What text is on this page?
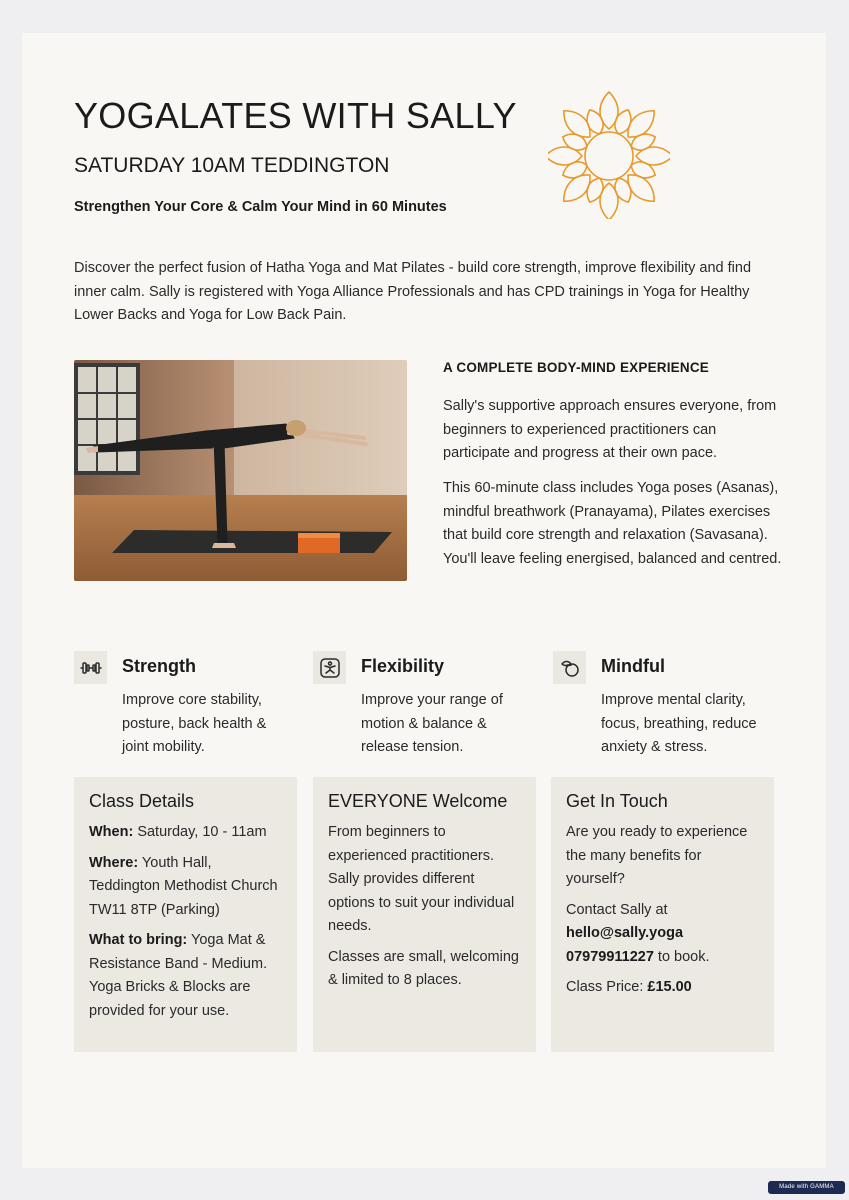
YOGALATES WITH SALLY
SATURDAY 10AM TEDDINGTON

Strengthen Your Core & Calm Your Mind in 60 Minutes

Discover the perfect fusion of Hatha Yoga and Mat Pilates - build core strength, improve flexibility and find inner calm. Sally is registered with Yoga Alliance Professionals and has CPD trainings in Yoga for Healthy Lower Backs and Yoga for Low Back Pain.

A COMPLETE BODY-MIND EXPERIENCE

Sally's supportive approach ensures everyone, from beginners to experienced practitioners can participate and progress at their own pace.

This 60-minute class includes Yoga poses (Asanas), mindful breathwork (Pranayama), Pilates exercises that build core strength and relaxation (Savasana). You'll leave feeling energised, balanced and centred.

Strength

Improve core stability, posture, back health & joint mobility.

Flexibility

Improve your range of motion & balance & release tension.

Mindful

Improve mental clarity, focus, breathing, reduce anxiety & stress.

Class Details

When: Saturday, 10 - 11am

Where: Youth Hall, Teddington Methodist Church TW11 8TP (Parking)

What to bring: Yoga Mat & Resistance Band - Medium. Yoga Bricks & Blocks are provided for your use.

EVERYONE Welcome

From beginners to experienced practitioners. Sally provides different options to suit your individual needs.

Classes are small, welcoming & limited to 8 places.

Get In Touch

Are you ready to experience the many benefits for yourself?

Contact Sally at
hello@sally.yoga
07979911227 to book.

Class Price: £15.00

Made with GAMMA
